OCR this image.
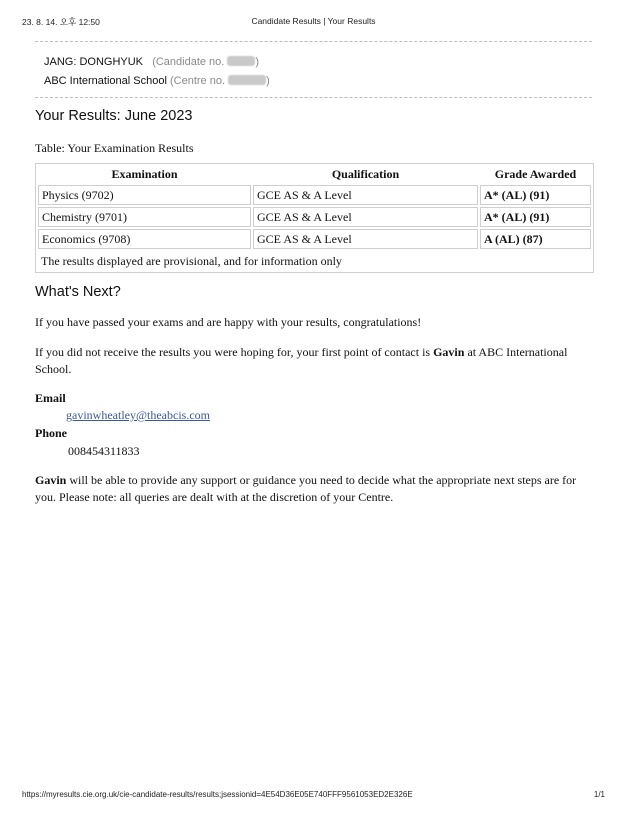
23. 8. 14. 오후 12:50	Candidate Results | Your Results
JANG: DONGHYUK (Candidate no.	)
ABC International School (Centre no.	)
Your Results: June 2023
Table: Your Examination Results
Examination	Qualification	Grade Awarded
Physics (9702)	GCE AS & A Level	A* (AL) (91)
Chemistry (9701)	GCE AS & A Level	A* (AL) (91)
Economics (9708)	GCE AS & A Level	A (AL) (87)
The results displayed are provisional, and for information only		
What's Next?

If you have passed your exams and are happy with your results, congratulations!

If you did not receive the results you were hoping for, your first point of contact is Gavin at ABC International School.

Email
gavinwheatley@theabcis.com
Phone
008454311833

Gavin will be able to provide any support or guidance you need to decide what the appropriate next steps are for you. Please note: all queries are dealt with at the discretion of your Centre.

https://myresults.cie.org.uk/cie-candidate-results/results;jsessionid=4E54D36E05E740FFF9561053ED2E326E	1/1
